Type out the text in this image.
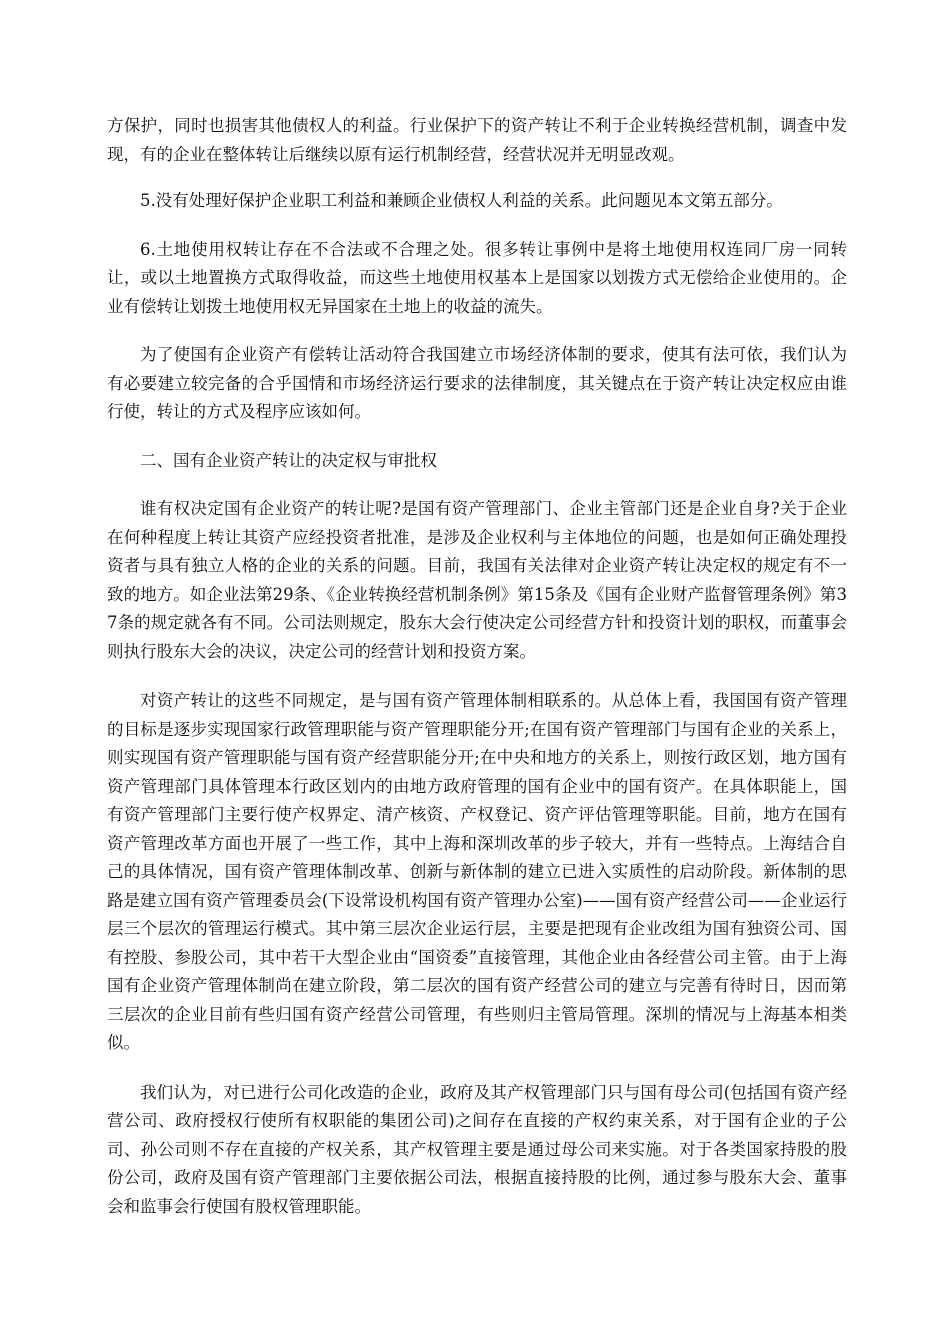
方保护，同时也损害其他债权人的利益。行业保护下的资产转让不利于企业转换经营机制，调查中发现，有的企业在整体转让后继续以原有运行机制经营，经营状况并无明显改观。

5.没有处理好保护企业职工利益和兼顾企业债权人利益的关系。此问题见本文第五部分。

6.土地使用权转让存在不合法或不合理之处。很多转让事例中是将土地使用权连同厂房一同转让，或以土地置换方式取得收益，而这些土地使用权基本上是国家以划拨方式无偿给企业使用的。企业有偿转让划拨土地使用权无异国家在土地上的收益的流失。

为了使国有企业资产有偿转让活动符合我国建立市场经济体制的要求，使其有法可依，我们认为有必要建立较完备的合乎国情和市场经济运行要求的法律制度，其关键点在于资产转让决定权应由谁行使，转让的方式及程序应该如何。

二、国有企业资产转让的决定权与审批权

谁有权决定国有企业资产的转让呢?是国有资产管理部门、企业主管部门还是企业自身?关于企业在何种程度上转让其资产应经投资者批准，是涉及企业权利与主体地位的问题，也是如何正确处理投资者与具有独立人格的企业的关系的问题。目前，我国有关法律对企业资产转让决定权的规定有不一致的地方。如企业法第29条、《企业转换经营机制条例》第15条及《国有企业财产监督管理条例》第37条的规定就各有不同。公司法则规定，股东大会行使决定公司经营方针和投资计划的职权，而董事会则执行股东大会的决议，决定公司的经营计划和投资方案。

对资产转让的这些不同规定，是与国有资产管理体制相联系的。从总体上看，我国国有资产管理的目标是逐步实现国家行政管理职能与资产管理职能分开;在国有资产管理部门与国有企业的关系上，则实现国有资产管理职能与国有资产经营职能分开;在中央和地方的关系上，则按行政区划，地方国有资产管理部门具体管理本行政区划内的由地方政府管理的国有企业中的国有资产。在具体职能上，国有资产管理部门主要行使产权界定、清产核资、产权登记、资产评估管理等职能。目前，地方在国有资产管理改革方面也开展了一些工作，其中上海和深圳改革的步子较大，并有一些特点。上海结合自己的具体情况，国有资产管理体制改革、创新与新体制的建立已进入实质性的启动阶段。新体制的思路是建立国有资产管理委员会(下设常设机构国有资产管理办公室)——国有资产经营公司——企业运行层三个层次的管理运行模式。其中第三层次企业运行层，主要是把现有企业改组为国有独资公司、国有控股、参股公司，其中若干大型企业由“国资委”直接管理，其他企业由各经营公司主管。由于上海国有企业资产管理体制尚在建立阶段，第二层次的国有资产经营公司的建立与完善有待时日，因而第三层次的企业目前有些归国有资产经营公司管理，有些则归主管局管理。深圳的情况与上海基本相类似。

我们认为，对已进行公司化改造的企业，政府及其产权管理部门只与国有母公司(包括国有资产经营公司、政府授权行使所有权职能的集团公司)之间存在直接的产权约束关系，对于国有企业的子公司、孙公司则不存在直接的产权关系，其产权管理主要是通过母公司来实施。对于各类国家持股的股份公司，政府及国有资产管理部门主要依据公司法，根据直接持股的比例，通过参与股东大会、董事会和监事会行使国有股权管理职能。
